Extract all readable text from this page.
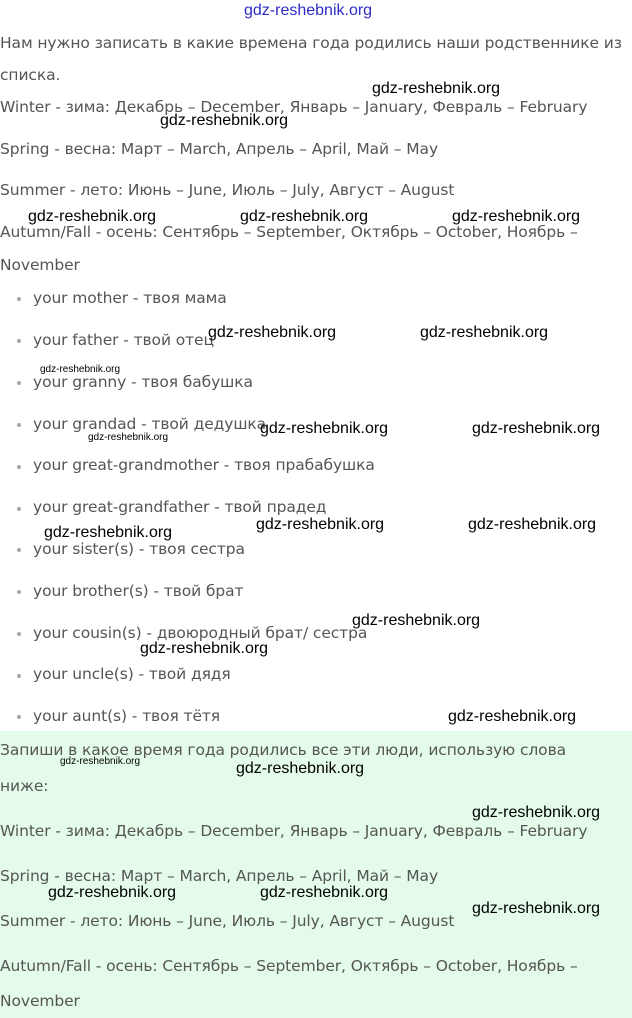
gdz-reshebnik.org
Нам нужно записать в какие времена года родились наши родственнике из
списка.
Winter - зима: Декабрь – December, Январь – January, Февраль – February
Spring - весна: Март – March, Апрель – April, Май – May
Summer - лето: Июнь – June, Июль – July, Август – August
Autumn/Fall - осень: Сентябрь – September, Октябрь – October, Ноябрь –
November
your mother - твоя мама
your father - твой отец
your granny - твоя бабушка
your grandad - твой дедушка
your great-grandmother - твоя прабабушка
your great-grandfather - твой прадед
your sister(s) - твоя сестра
your brother(s) - твой брат
your cousin(s) - двоюродный брат/ сестра
your uncle(s) - твой дядя
your aunt(s) - твоя тётя
Запиши в какое время года родились все эти люди, использую слова
ниже:
Winter - зима: Декабрь – December, Январь – January, Февраль – February
Spring - весна: Март – March, Апрель – April, Май – May
Summer - лето: Июнь – June, Июль – July, Август – August
Autumn/Fall - осень: Сентябрь – September, Октябрь – October, Ноябрь –
November
gdz-reshebnik.org
gdz-reshebnik.org
gdz-reshebnik.org	gdz-reshebnik.org	gdz-reshebnik.org
gdz-reshebnik.org	gdz-reshebnik.org
gdz-reshebnik.org
gdz-reshebnik.org	gdz-reshebnik.org
gdz-reshebnik.org
gdz-reshebnik.org	gdz-reshebnik.org
gdz-reshebnik.org
gdz-reshebnik.org
gdz-reshebnik.org
gdz-reshebnik.org
gdz-reshebnik.org	gdz-reshebnik.org
gdz-reshebnik.org
gdz-reshebnik.org	gdz-reshebnik.org
gdz-reshebnik.org
